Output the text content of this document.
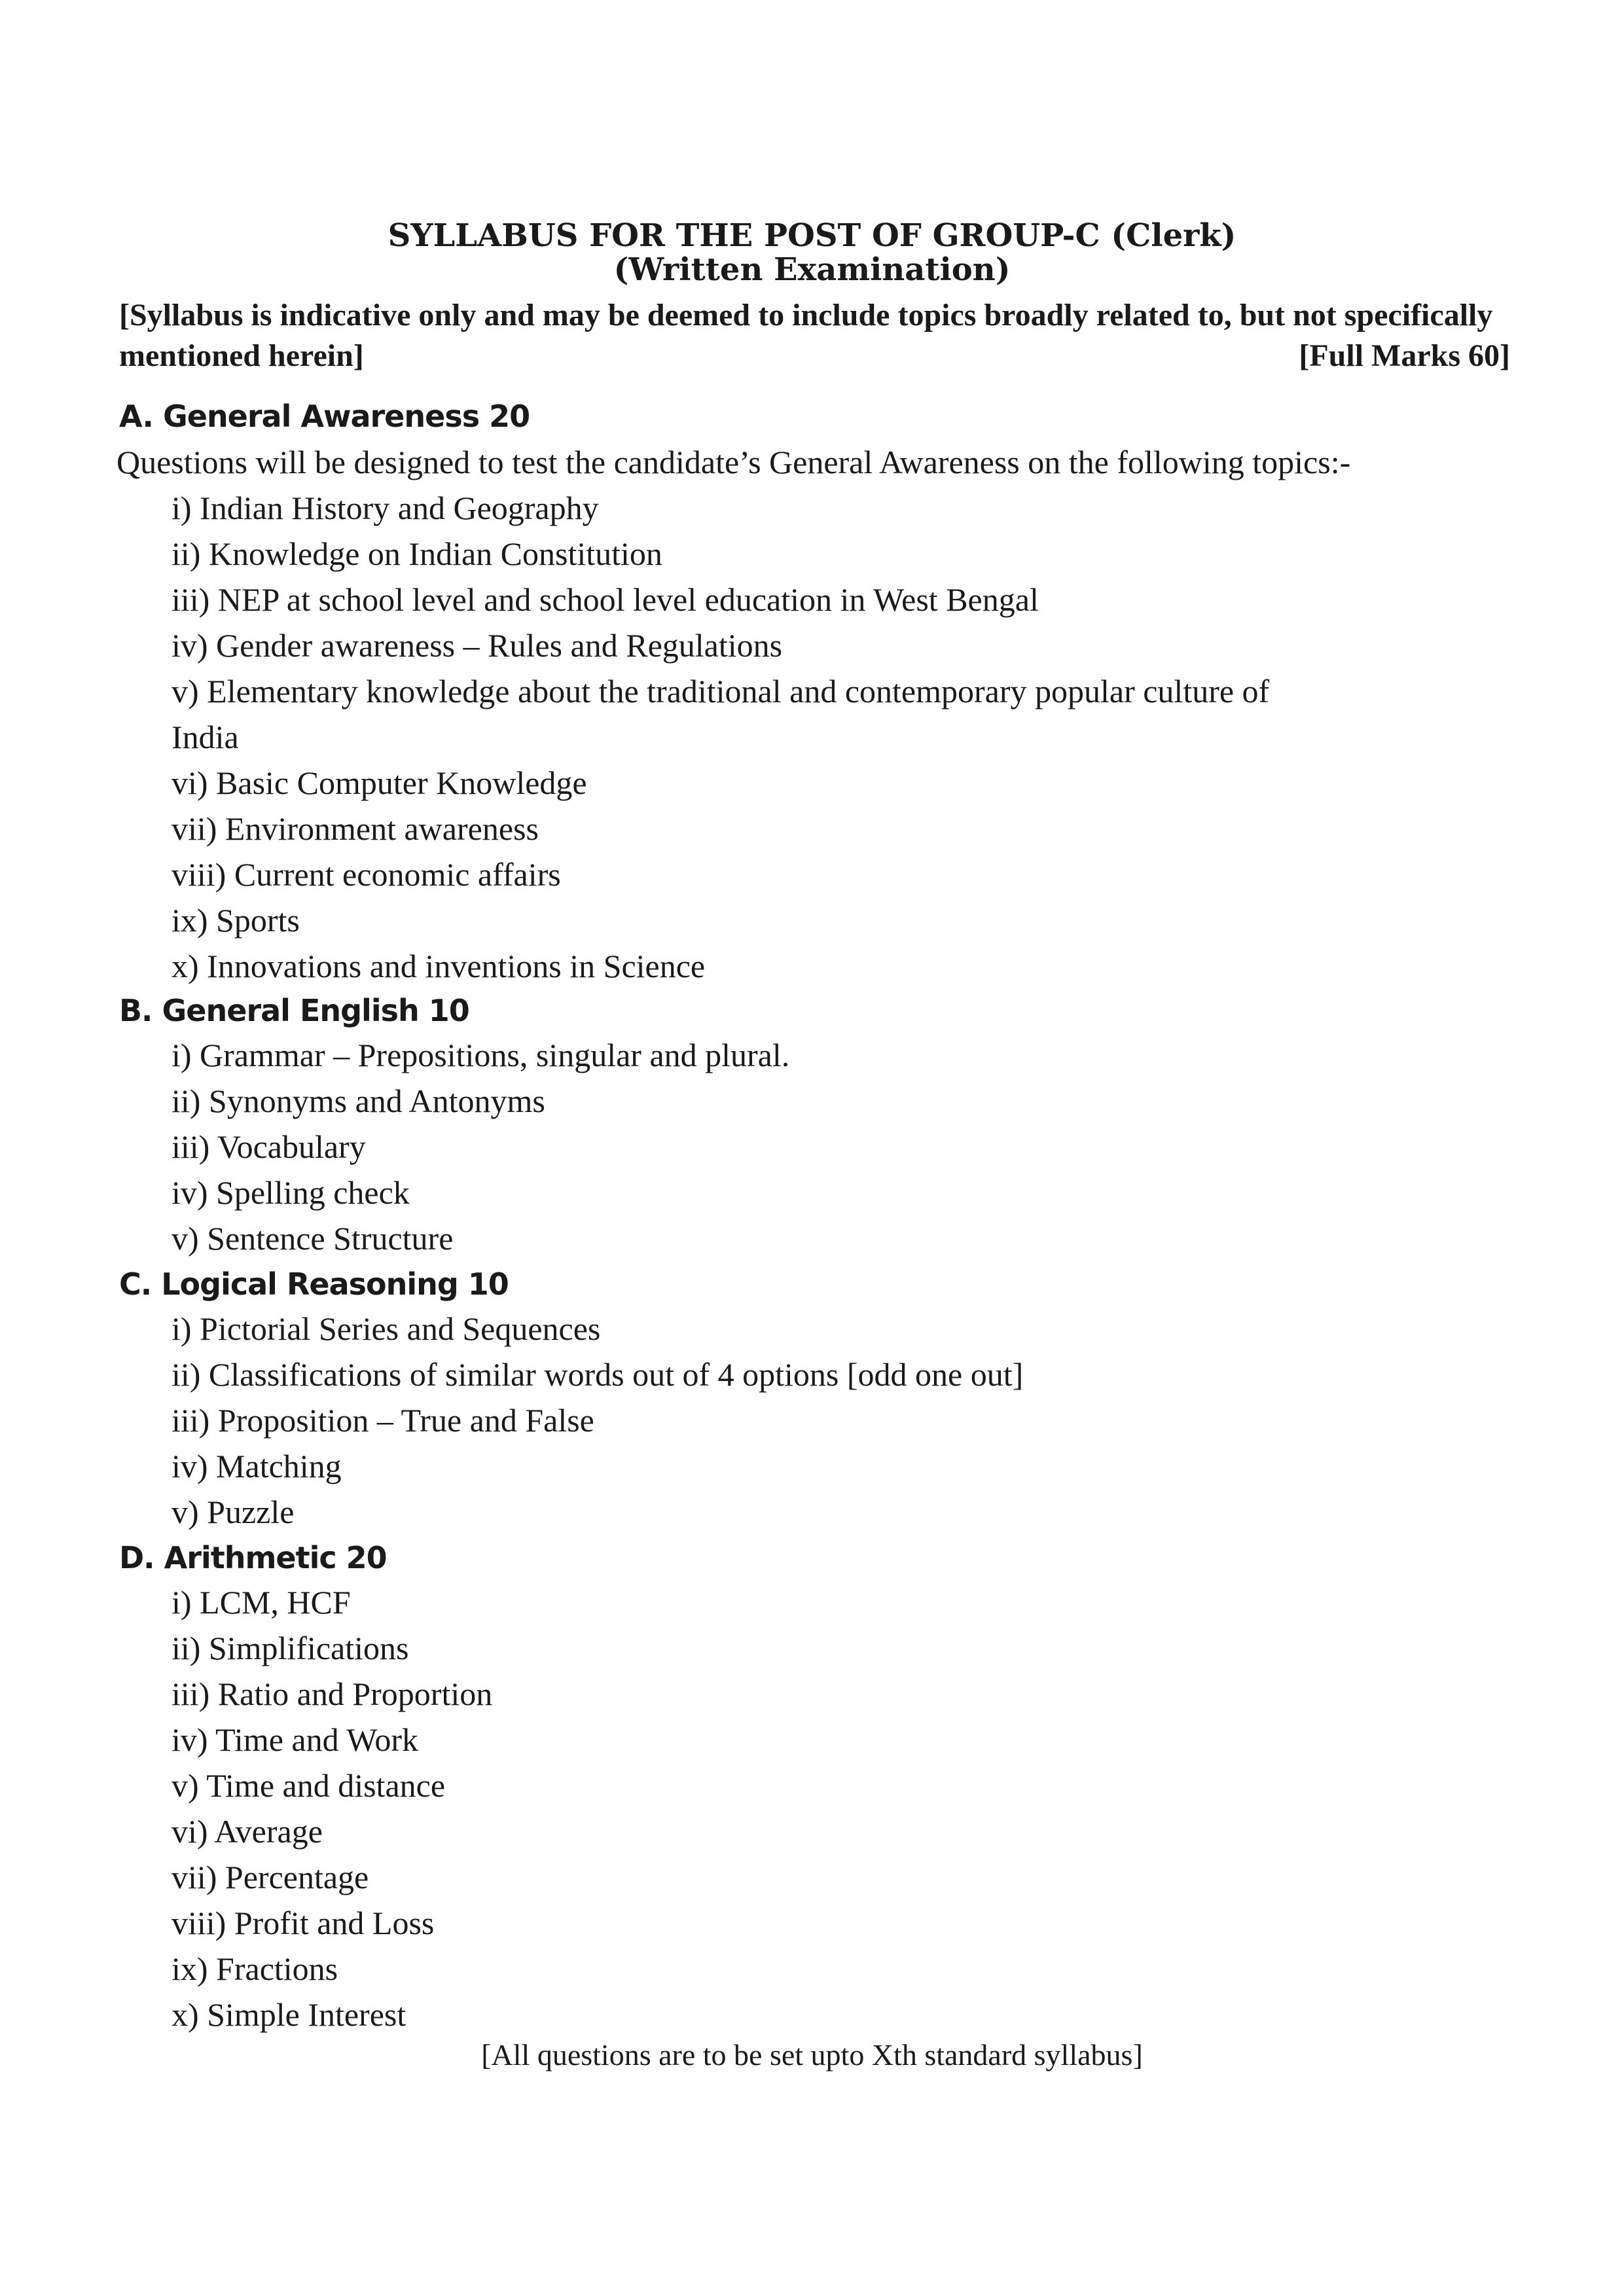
SYLLABUS FOR THE POST OF GROUP-C (Clerk)
(Written Examination)
[Syllabus is indicative only and may be deemed to include topics broadly related to, but not specifically
mentioned herein]	[Full Marks 60]
A. General Awareness 20
Questions will be designed to test the candidate’s General Awareness on the following topics:-
i) Indian History and Geography
ii) Knowledge on Indian Constitution
iii) NEP at school level and school level education in West Bengal
iv) Gender awareness – Rules and Regulations
v) Elementary knowledge about the traditional and contemporary popular culture of
India
vi) Basic Computer Knowledge
vii) Environment awareness
viii) Current economic affairs
ix) Sports
x) Innovations and inventions in Science
B. General English 10
i) Grammar – Prepositions, singular and plural.
ii) Synonyms and Antonyms
iii) Vocabulary
iv) Spelling check
v) Sentence Structure
C. Logical Reasoning 10
i) Pictorial Series and Sequences
ii) Classifications of similar words out of 4 options [odd one out]
iii) Proposition – True and False
iv) Matching
v) Puzzle
D. Arithmetic 20
i) LCM, HCF
ii) Simplifications
iii) Ratio and Proportion
iv) Time and Work
v) Time and distance
vi) Average
vii) Percentage
viii) Profit and Loss
ix) Fractions
x) Simple Interest
[All questions are to be set upto Xth standard syllabus]
